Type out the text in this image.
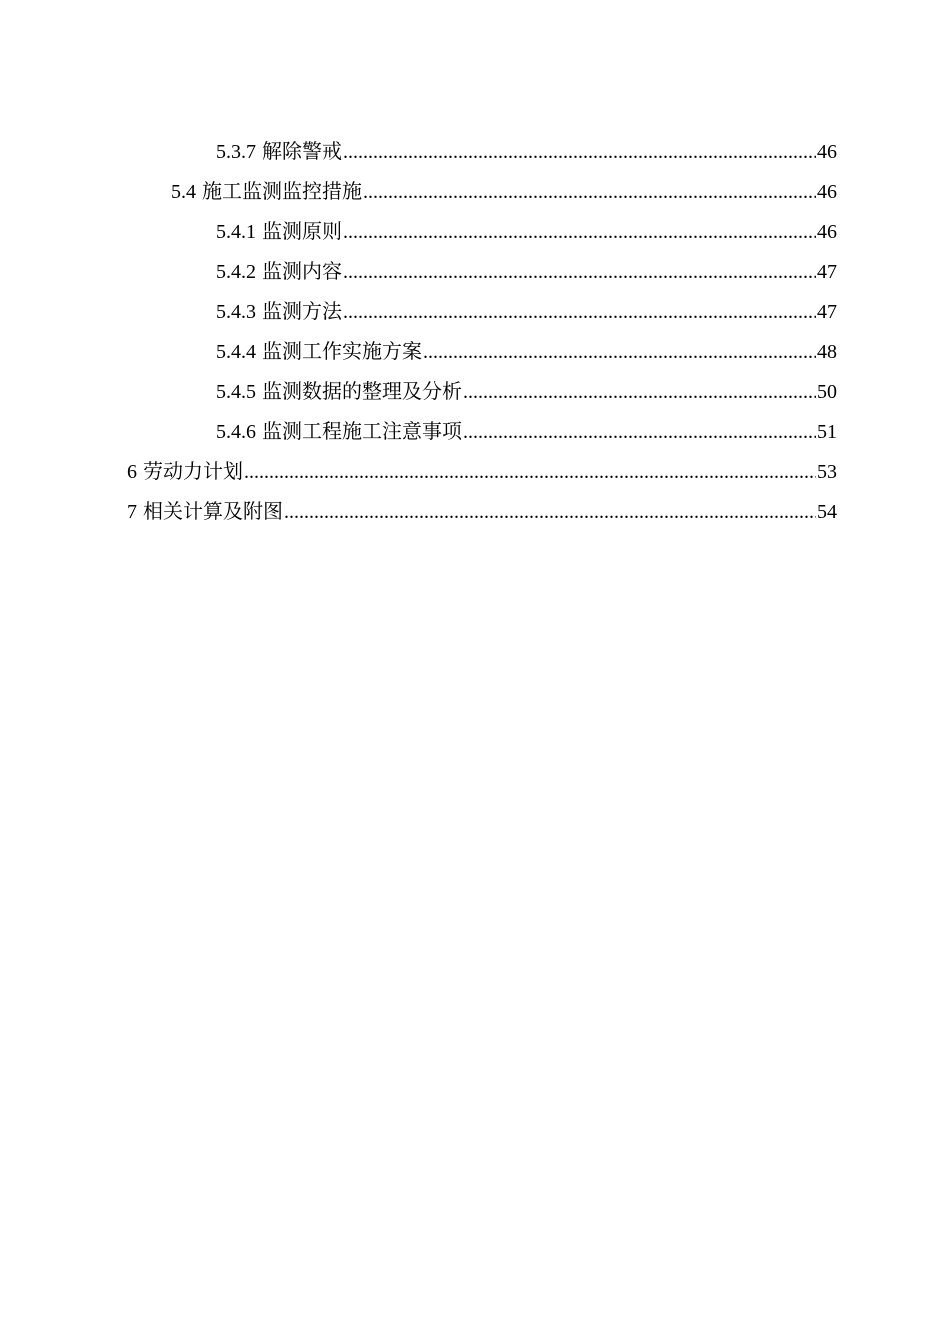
5.3.7 解除警戒 .....	46
5.4 施工监测监控措施 .....	46
5.4.1 监测原则 .....	46
5.4.2 监测内容 .....	47
5.4.3 监测方法 .....	47
5.4.4 监测工作实施方案 .....	48
5.4.5 监测数据的整理及分析 .....	50
5.4.6 监测工程施工注意事项 .....	51
6 劳动力计划 .....	53
7 相关计算及附图 .....	54
